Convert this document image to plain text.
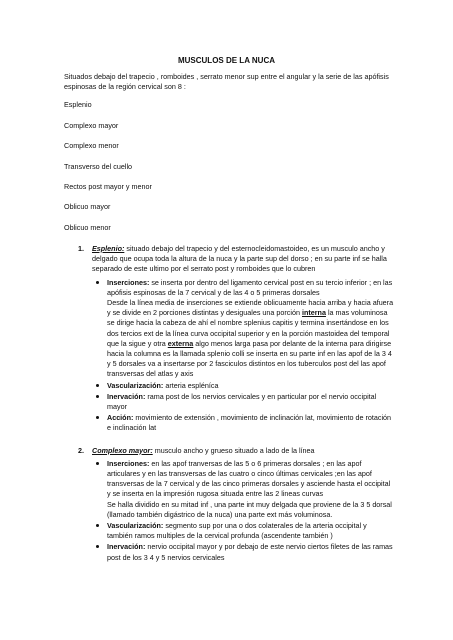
MUSCULOS DE LA NUCA

Situados debajo del trapecio , romboides , serrato menor sup entre el angular y la serie de las apófisis espinosas de la región cervical son 8 :

Esplenio
Complexo mayor
Complexo menor
Transverso del cuello
Rectos post mayor y menor
Oblicuo mayor
Oblicuo menor
1. Esplenio: situado debajo del trapecio y del esternocleidomastoideo, es un musculo ancho y delgado que ocupa toda la altura de la nuca y la parte sup del dorso ; en su parte inf se halla separado de este ultimo por el serrato post y romboides que lo cubren
Inserciones: se inserta por dentro del ligamento cervical post en su tercio inferior ; en las apófisis espinosas de la 7 cervical y de las 4 o 5 primeras dorsales
Desde la línea media de inserciones se extiende oblicuamente hacia arriba y hacia afuera y se divide en 2 porciones distintas y desiguales una porción interna la mas voluminosa se dirige hacia la cabeza de ahí el nombre splenius capitis y termina insertándose en los dos tercios ext de la línea curva occipital superior y en la porción mastoidea del temporal que la sigue y otra externa algo menos larga pasa por delante de la interna para dirigirse hacia la columna es la llamada splenio colli se inserta en su parte inf en las apof de la 3 4 y 5 dorsales va a insertarse por 2 fasciculos distintos en los tuberculos post del las apof transversas del atlas y axis
Vascularización: arteria espléníca
Inervación: rama post de los nervios cervicales y en particular por el nervio occipital mayor
Acción: movimiento de extensión , movimiento de inclinación lat, movimiento de rotación e inclinación lat
2. Complexo mayor: musculo ancho y grueso situado a lado de la línea
Inserciones: en las apof tranversas de las 5 o 6 primeras dorsales ; en las apof articulares y en las transversas de las cuatro o cinco últimas cervicales ;en las apof transversas de la 7 cervical y de las cinco primeras dorsales y asciende hasta el occipital y se inserta en la impresión rugosa situada entre las 2 lineas curvas
Se halla dividido en su mitad inf , una parte int muy delgada que proviene de la 3 5 dorsal (llamado también digástrico de la nuca) una parte ext más voluminosa.
Vascularización: segmento sup por una o dos colaterales de la arteria occipital y también ramos multiples de la cervical profunda (ascendente también )
Inervación: nervio occipital mayor y por debajo de este nervio ciertos filetes de las ramas post de los 3 4 y 5 nervios cervicales
